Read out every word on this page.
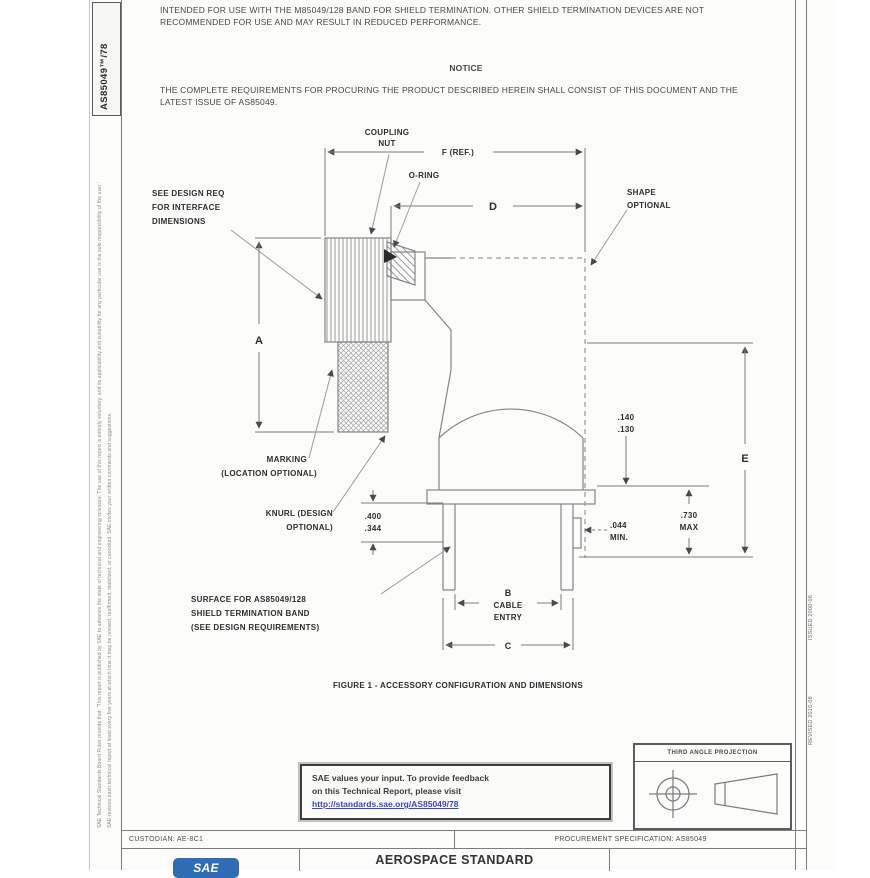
AS85049™/78
SAE Technical Standards Board Rules provide that: 'This report is published by SAE to advance the state of technical and engineering sciences. The use of this report is entirely voluntary, and its applicability and suitability for any particular use is the sole responsibility of the user.' SAE reviews each technical report at least every five years at which time it may be revised, reaffirmed, stabilized, or cancelled. SAE invites your written comments and suggestions.	REVISED 2016-08
ISSUED 2000-06
INTENDED FOR USE WITH THE M85049/128 BAND FOR SHIELD TERMINATION. OTHER SHIELD TERMINATION DEVICES ARE NOT RECOMMENDED FOR USE AND MAY RESULT IN REDUCED PERFORMANCE.
NOTICE
THE COMPLETE REQUIREMENTS FOR PROCURING THE PRODUCT DESCRIBED HEREIN SHALL CONSIST OF THIS DOCUMENT AND THE LATEST ISSUE OF AS85049.
COUPLING
NUT
O-RING
SEE DESIGN REQ
FOR INTERFACE
DIMENSIONS
SHAPE
OPTIONAL
MARKING
(LOCATION OPTIONAL)
KNURL (DESIGN
OPTIONAL)
SURFACE FOR AS85049/128
SHIELD TERMINATION BAND
(SEE DESIGN REQUIREMENTS)
F (REF.)
D
A
E
.140
.130
.730
MAX
.044
MIN.
.400
.344
B
CABLE
ENTRY
C
FIGURE 1 - ACCESSORY CONFIGURATION AND DIMENSIONS
SAE values your input. To provide feedback
on this Technical Report, please visit
http://standards.sae.org/AS85049/78
THIRD ANGLE PROJECTION
CUSTODIAN: AE-8C1	PROCUREMENT SPECIFICATION: AS85049
SAE
AEROSPACE STANDARD
